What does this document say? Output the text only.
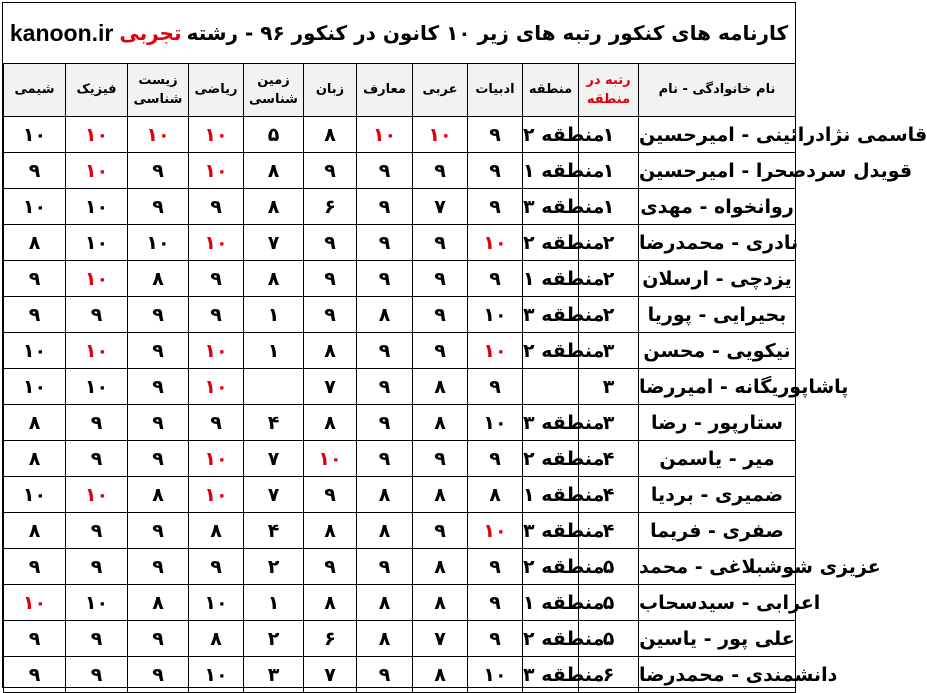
کارنامه های کنکور رتبه های زیر ۱۰ کانون در کنکور ۹۶ - رشته

تجربی
kanoon.ir
شیمی	فیزیک	زیست شناسی	ریاضی	زمین شناسی	زبان	معارف	عربی	ادبیات	منطقه	رتبه در منطقه	نام خانوادگی - نام
۱۰	۱۰	۱۰	۱۰	۵	۸	۱۰	۱۰	۹	منطقه ۲	۱	قاسمی نژادرائینی - امیرحسین
۹	۱۰	۹	۱۰	۸	۹	۹	۹	۹	منطقه ۱	۱	قویدل سردصحرا - امیرحسین
۱۰	۱۰	۹	۹	۸	۶	۹	۷	۹	منطقه ۳	۱	روانخواه - مهدی
۸	۱۰	۱۰	۱۰	۷	۹	۹	۹	۱۰	منطقه ۲	۲	نادری - محمدرضا
۹	۱۰	۸	۹	۸	۹	۹	۹	۹	منطقه ۱	۲	یزدچی - ارسلان
۹	۹	۹	۹	۱	۹	۸	۹	۱۰	منطقه ۳	۲	بحیرایی - پوریا
۱۰	۱۰	۹	۱۰	۱	۸	۹	۹	۱۰	منطقه ۲	۳	نیکویی - محسن
۱۰	۱۰	۹	۱۰		۷	۹	۸	۹		۳	پاشاپوریگانه - امیررضا
۸	۹	۹	۹	۴	۸	۹	۸	۱۰	منطقه ۳	۳	ستارپور - رضا
۸	۹	۹	۱۰	۷	۱۰	۹	۹	۹	منطقه ۲	۴	میر - یاسمن
۱۰	۱۰	۸	۱۰	۷	۹	۸	۸	۸	منطقه ۱	۴	ضمیری - بردیا
۸	۹	۹	۸	۴	۸	۸	۹	۱۰	منطقه ۳	۴	صفری - فریما
۹	۹	۹	۹	۲	۹	۹	۸	۹	منطقه ۲	۵	عزیزی شوشبلاغی - محمد
۱۰	۱۰	۸	۱۰	۱	۸	۸	۸	۹	منطقه ۱	۵	اعرابی - سیدسحاب
۹	۹	۹	۸	۲	۶	۸	۷	۹	منطقه ۲	۵	علی پور - یاسین
۹	۹	۹	۱۰	۳	۷	۹	۸	۱۰	منطقه ۳	۶	دانشمندی - محمدرضا
